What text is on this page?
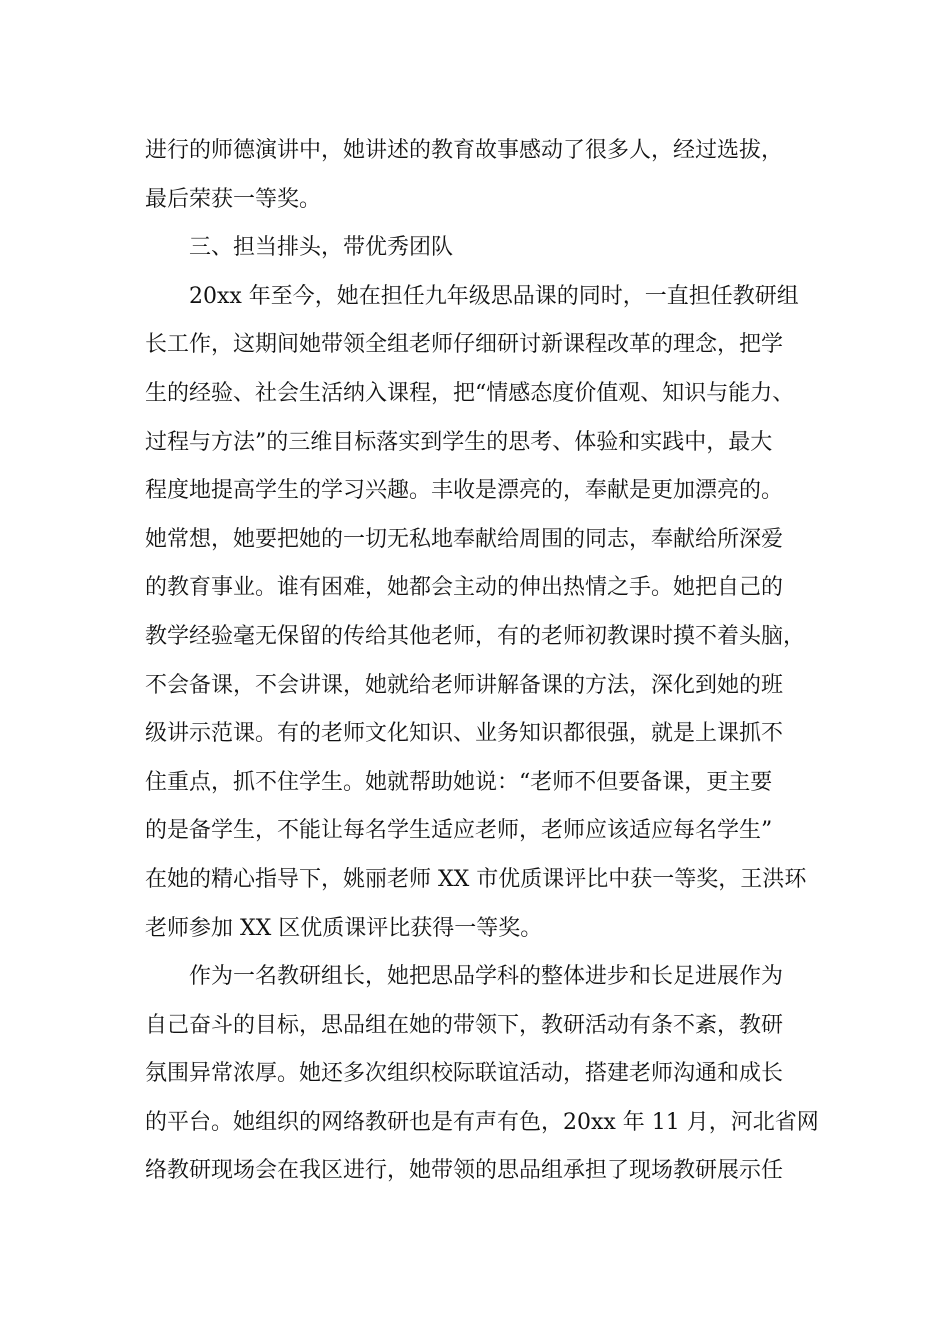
进行的师德演讲中，她讲述的教育故事感动了很多人，经过选拔，
最后荣获一等奖。
三、担当排头，带优秀团队
20xx 年至今，她在担任九年级思品课的同时，一直担任教研组
长工作，这期间她带领全组老师仔细研讨新课程改革的理念，把学
生的经验、社会生活纳入课程，把“情感态度价值观、知识与能力、
过程与方法”的三维目标落实到学生的思考、体验和实践中，最大
程度地提高学生的学习兴趣。丰收是漂亮的，奉献是更加漂亮的。
她常想，她要把她的一切无私地奉献给周围的同志，奉献给所深爱
的教育事业。谁有困难，她都会主动的伸出热情之手。她把自己的
教学经验毫无保留的传给其他老师，有的老师初教课时摸不着头脑，
不会备课，不会讲课，她就给老师讲解备课的方法，深化到她的班
级讲示范课。有的老师文化知识、业务知识都很强，就是上课抓不
住重点，抓不住学生。她就帮助她说：“老师不但要备课，更主要
的是备学生，不能让每名学生适应老师，老师应该适应每名学生”
在她的精心指导下，姚丽老师 XX 市优质课评比中获一等奖，王洪环
老师参加 XX 区优质课评比获得一等奖。
作为一名教研组长，她把思品学科的整体进步和长足进展作为
自己奋斗的目标，思品组在她的带领下，教研活动有条不紊，教研
氛围异常浓厚。她还多次组织校际联谊活动，搭建老师沟通和成长
的平台。她组织的网络教研也是有声有色，20xx 年 11 月，河北省网
络教研现场会在我区进行，她带领的思品组承担了现场教研展示任
